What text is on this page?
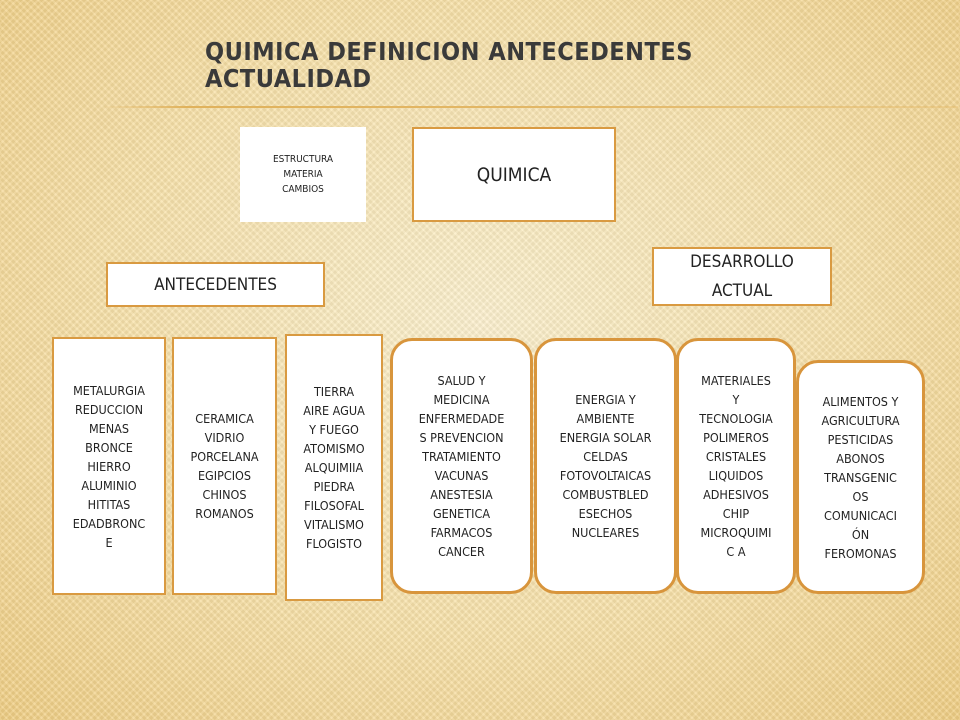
QUIMICA DEFINICION ANTECEDENTES
ACTUALIDAD
ESTRUCTURA
MATERIA
CAMBIOS
QUIMICA
ANTECEDENTES
DESARROLLO
ACTUAL
METALURGIA
REDUCCION
MENAS
BRONCE
HIERRO
ALUMINIO
HITITAS
EDADBRONC
E
CERAMICA
VIDRIO
PORCELANA
EGIPCIOS
CHINOS
ROMANOS
TIERRA
AIRE AGUA
Y FUEGO
ATOMISMO
ALQUIMIIA
PIEDRA
FILOSOFAL
VITALISMO
FLOGISTO
SALUD Y
MEDICINA
ENFERMEDADE
S PREVENCION
TRATAMIENTO
VACUNAS
ANESTESIA
GENETICA
FARMACOS
CANCER
ENERGIA Y
AMBIENTE
ENERGIA SOLAR
CELDAS
FOTOVOLTAICAS
COMBUSTBLED
ESECHOS
NUCLEARES
MATERIALES
Y
TECNOLOGIA
POLIMEROS
CRISTALES
LIQUIDOS
ADHESIVOS
CHIP
MICROQUIMI
C A
ALIMENTOS Y
AGRICULTURA
PESTICIDAS
ABONOS
TRANSGENIC
OS
COMUNICACI
ÓN
FEROMONAS
